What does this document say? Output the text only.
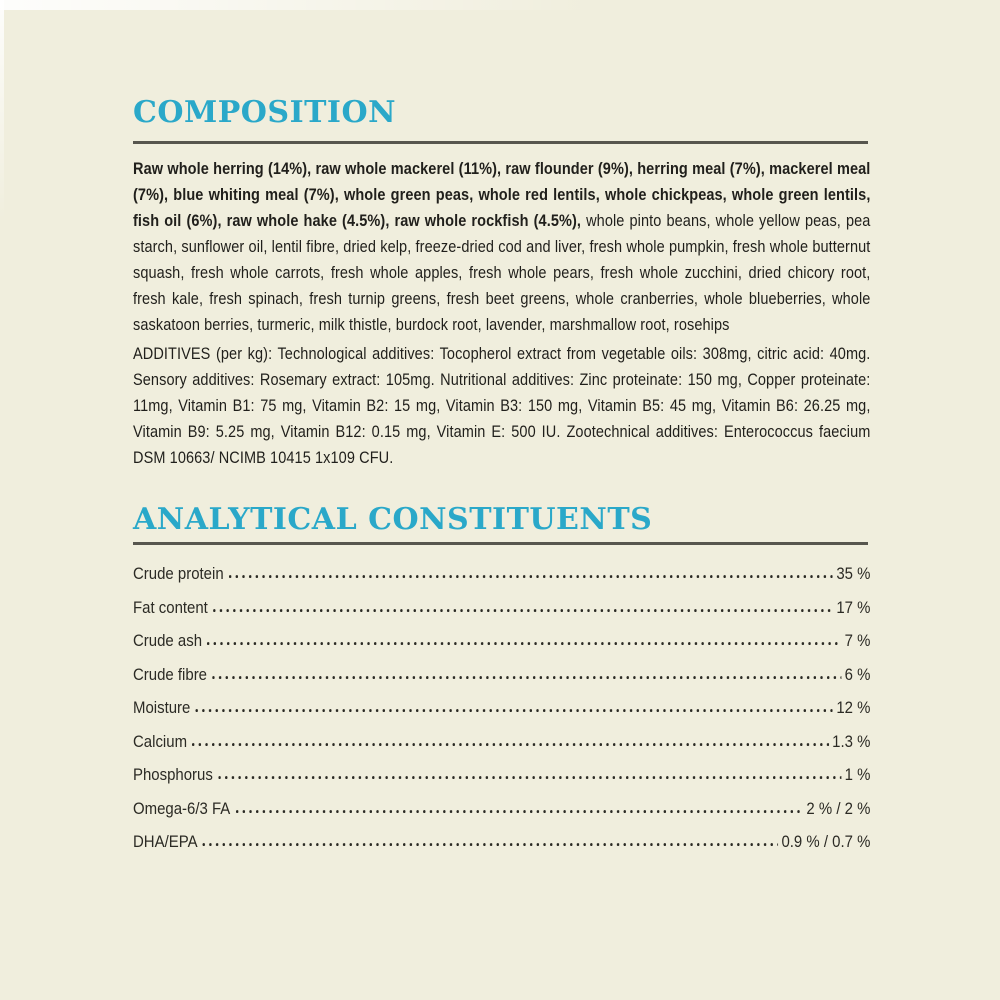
COMPOSITION

Raw whole herring (14%), raw whole mackerel (11%), raw flounder (9%), herring meal (7%), mackerel meal (7%), blue whiting meal (7%), whole green peas, whole red lentils, whole chickpeas, whole green lentils, fish oil (6%), raw whole hake (4.5%), raw whole rockfish (4.5%), whole pinto beans, whole yellow peas, pea starch, sunflower oil, lentil fibre, dried kelp, freeze-dried cod and liver, fresh whole pumpkin, fresh whole butternut squash, fresh whole carrots, fresh whole apples, fresh whole pears, fresh whole zucchini, dried chicory root, fresh kale, fresh spinach, fresh turnip greens, fresh beet greens, whole cranberries, whole blueberries, whole saskatoon berries, turmeric, milk thistle, burdock root, lavender, marshmallow root, rosehips

ADDITIVES (per kg): Technological additives: Tocopherol extract from vegetable oils: 308mg, citric acid: 40mg. Sensory additives: Rosemary extract: 105mg. Nutritional additives: Zinc proteinate: 150 mg, Copper proteinate: 11mg, Vitamin B1: 75 mg, Vitamin B2: 15 mg, Vitamin B3: 150 mg, Vitamin B5: 45 mg, Vitamin B6: 26.25 mg, Vitamin B9: 5.25 mg, Vitamin B12: 0.15 mg, Vitamin E: 500 IU. Zootechnical additives: Enterococcus faecium DSM 10663/ NCIMB 10415 1x109 CFU.

ANALYTICAL CONSTITUENTS
Crude protein	35 %
Fat content	17 %
Crude ash	7 %
Crude fibre	6 %
Moisture	12 %
Calcium	1.3 %
Phosphorus	1 %
Omega-6/3 FA	2 % / 2 %
DHA/EPA	0.9 % / 0.7 %
